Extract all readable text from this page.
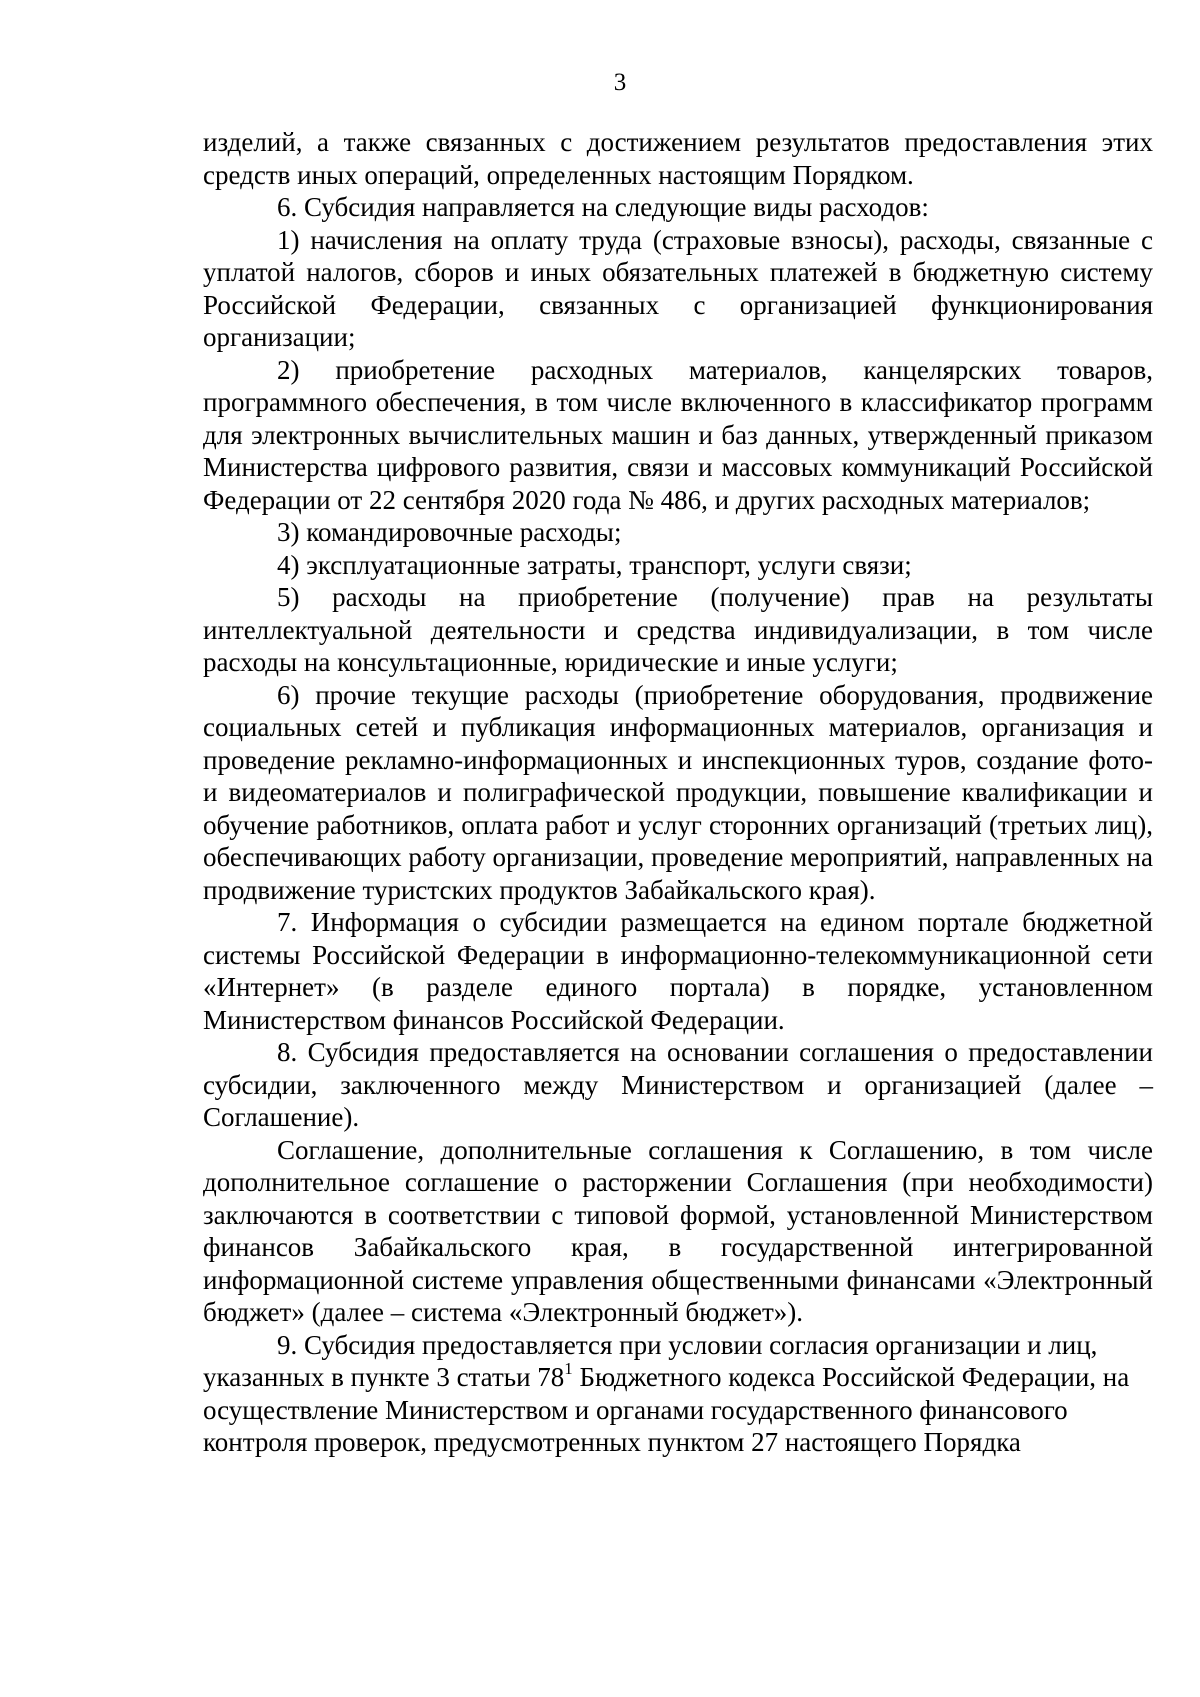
3

изделий, а также связанных с достижением результатов предоставления этих средств иных операций, определенных настоящим Порядком.

6. Субсидия направляется на следующие виды расходов:

1) начисления на оплату труда (страховые взносы), расходы, связанные с уплатой налогов, сборов и иных обязательных платежей в бюджетную систему Российской Федерации, связанных с организацией функционирования организации;

2) приобретение расходных материалов, канцелярских товаров, программного обеспечения, в том числе включенного в классификатор программ для электронных вычислительных машин и баз данных, утвержденный приказом Министерства цифрового развития, связи и массовых коммуникаций Российской Федерации от 22 сентября 2020 года № 486, и других расходных материалов;

3) командировочные расходы;

4) эксплуатационные затраты, транспорт, услуги связи;

5) расходы на приобретение (получение) прав на результаты интеллектуальной деятельности и средства индивидуализации, в том числе расходы на консультационные, юридические и иные услуги;

6) прочие текущие расходы (приобретение оборудования, продвижение социальных сетей и публикация информационных материалов, организация и проведение рекламно-информационных и инспекционных туров, создание фото- и видеоматериалов и полиграфической продукции, повышение квалификации и обучение работников, оплата работ и услуг сторонних организаций (третьих лиц), обеспечивающих работу организации, проведение мероприятий, направленных на продвижение туристских продуктов Забайкальского края).

7. Информация о субсидии размещается на едином портале бюджетной системы Российской Федерации в информационно-телекоммуникационной сети «Интернет» (в разделе единого портала) в порядке, установленном Министерством финансов Российской Федерации.

8. Субсидия предоставляется на основании соглашения о предоставлении субсидии, заключенного между Министерством и организацией (далее – Соглашение).

Соглашение, дополнительные соглашения к Соглашению, в том числе дополнительное соглашение о расторжении Соглашения (при необходимости) заключаются в соответствии с типовой формой, установленной Министерством финансов Забайкальского края, в государственной интегрированной информационной системе управления общественными финансами «Электронный бюджет» (далее – система «Электронный бюджет»).

9. Субсидия предоставляется при условии согласия организации и лиц, указанных в пункте 3 статьи $78^1$ Бюджетного кодекса Российской Федерации, на осуществление Министерством и органами государственного финансового контроля проверок, предусмотренных пунктом 27 настоящего Порядка
